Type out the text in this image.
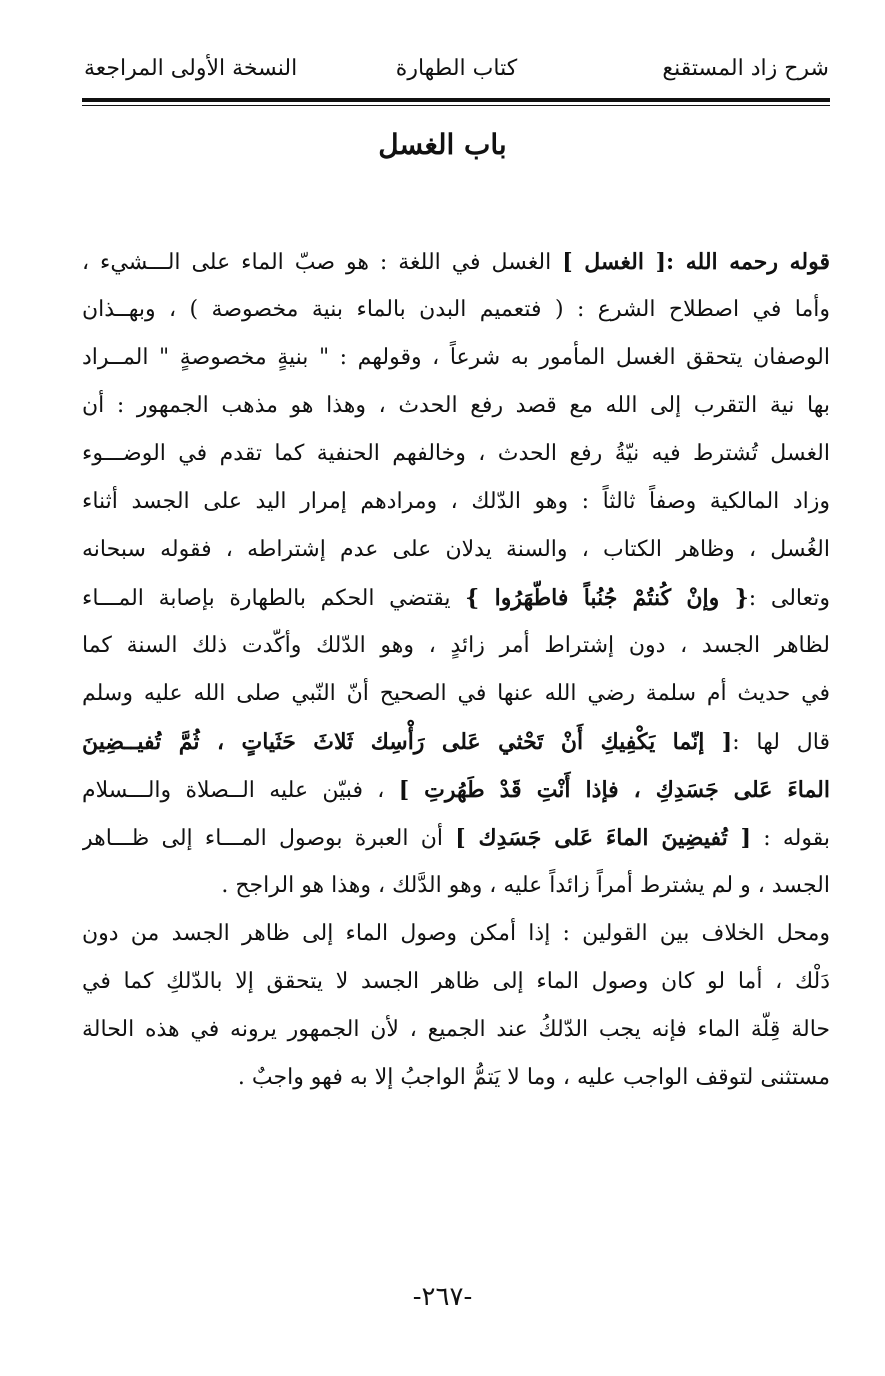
شرح زاد المستقنع
كتاب الطهارة
النسخة الأولى المراجعة
باب الغسل
قوله رحمه الله :[ الغسل ] الغسل في اللغة : هو صبّ الماء على الـــشيء ،
وأما في اصطلاح الشرع : ( فتعميم البدن بالماء بنية مخصوصة ) ، وبهــذان
الوصفان يتحقق الغسل المأمور به شرعاً ، وقولهم : " بنيةٍ مخصوصةٍ " المــراد
بها نية التقرب إلى الله مع قصد رفع الحدث ، وهذا هو مذهب الجمهور : أن
الغسل تُشترط فيه نيّةُ رفع الحدث ، وخالفهم الحنفية كما تقدم في الوضـــوء
وزاد المالكية وصفاً ثالثاً : وهو الدّلك ، ومرادهم إمرار اليد على الجسد أثناء
الغُسل ، وظاهر الكتاب ، والسنة يدلان على عدم إشتراطه ، فقوله سبحانه
وتعالى :{ وإنْ كُنتُمْ جُنُباً فاطّهَرُوا } يقتضي الحكم بالطهارة بإصابة المـــاء
لظاهر الجسد ، دون إشتراط أمر زائدٍ ، وهو الدّلك وأكّدت ذلك السنة كما
في حديث أم سلمة رضي الله عنها في الصحيح أنّ النّبي صلى الله عليه وسلم
قال لها :[ إنّما يَكْفِيكِ أَنْ تَحْثي عَلى رَأْسِك ثَلاثَ حَثَياتٍ ، ثُمَّ تُفيــضِينَ
الماءَ عَلى جَسَدِكِ ، فإذا أَنْتِ قَدْ طَهُرتِ ] ، فبيّن عليه الــصلاة والـــسلام
بقوله : [ تُفيضِينَ الماءَ عَلى جَسَدِك ] أن العبرة بوصول المـــاء إلى ظـــاهر
الجسد ، و لم يشترط أمراً زائداً عليه ، وهو الدَّلك ، وهذا هو الراجح .
ومحل الخلاف بين القولين : إذا أمكن وصول الماء إلى ظاهر الجسد من دون
دَلْك ، أما لو كان وصول الماء إلى ظاهر الجسد لا يتحقق إلا بالدّلكِ كما في
حالة قِلّة الماء فإنه يجب الدّلكُ عند الجميع ، لأن الجمهور يرونه في هذه الحالة
مستثنى لتوقف الواجب عليه ، وما لا يَتمُّ الواجبُ إلا به فهو واجبٌ .
-٢٦٧-
